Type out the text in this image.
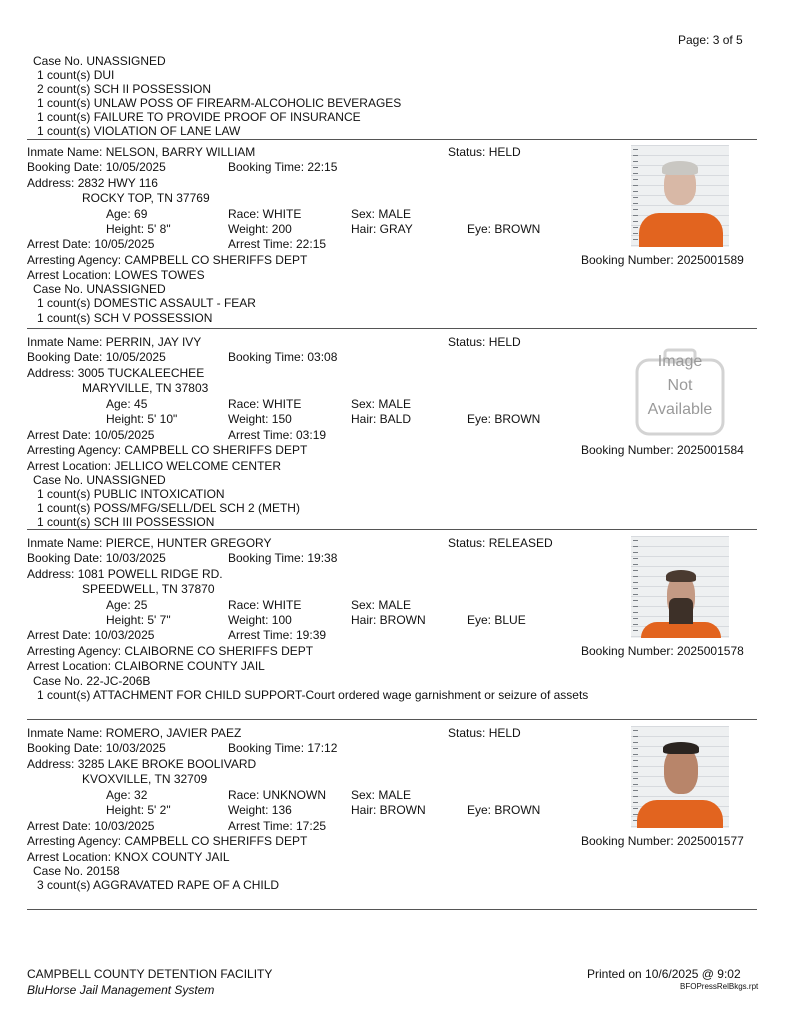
Page: 3 of 5
Case No. UNASSIGNED
1 count(s) DUI
2 count(s) SCH II POSSESSION
1 count(s) UNLAW POSS OF FIREARM-ALCOHOLIC BEVERAGES
1 count(s) FAILURE TO PROVIDE PROOF OF INSURANCE
1 count(s) VIOLATION OF LANE LAW
Inmate Name: NELSON, BARRY WILLIAM	Status: HELD
Booking Date: 10/05/2025	Booking Time: 22:15
Address: 2832 HWY 116
ROCKY TOP, TN 37769
Age: 69	Race: WHITE	Sex: MALE
Height: 5' 8"	Weight: 200	Hair: GRAY	Eye: BROWN
Arrest Date: 10/05/2025	Arrest Time: 22:15
Arresting Agency: CAMPBELL CO SHERIFFS DEPT	Booking Number: 2025001589
Arrest Location: LOWES TOWES
Case No. UNASSIGNED
1 count(s) DOMESTIC ASSAULT - FEAR
1 count(s) SCH V POSSESSION
Inmate Name: PERRIN, JAY IVY	Status: HELD
Booking Date: 10/05/2025	Booking Time: 03:08
Address: 3005 TUCKALEECHEE
MARYVILLE, TN 37803
Age: 45	Race: WHITE	Sex: MALE
Height: 5' 10"	Weight: 150	Hair: BALD	Eye: BROWN
Arrest Date: 10/05/2025	Arrest Time: 03:19
Arresting Agency: CAMPBELL CO SHERIFFS DEPT	Booking Number: 2025001584
Arrest Location: JELLICO WELCOME CENTER
Case No. UNASSIGNED
1 count(s) PUBLIC INTOXICATION
1 count(s) POSS/MFG/SELL/DEL SCH 2 (METH)
1 count(s) SCH III POSSESSION
Image
Not
Available
Inmate Name: PIERCE, HUNTER GREGORY	Status: RELEASED
Booking Date: 10/03/2025	Booking Time: 19:38
Address: 1081 POWELL RIDGE RD.
SPEEDWELL, TN 37870
Age: 25	Race: WHITE	Sex: MALE
Height: 5' 7"	Weight: 100	Hair: BROWN	Eye: BLUE
Arrest Date: 10/03/2025	Arrest Time: 19:39
Arresting Agency: CLAIBORNE CO SHERIFFS DEPT	Booking Number: 2025001578
Arrest Location: CLAIBORNE COUNTY JAIL
Case No. 22-JC-206B
1 count(s) ATTACHMENT FOR CHILD SUPPORT-Court ordered wage garnishment or seizure of assets
Inmate Name: ROMERO, JAVIER PAEZ	Status: HELD
Booking Date: 10/03/2025	Booking Time: 17:12
Address: 3285 LAKE BROKE BOOLIVARD
KVOXVILLE, TN 32709
Age: 32	Race: UNKNOWN Sex: MALE
Height: 5' 2"	Weight: 136	Hair: BROWN	Eye: BROWN
Arrest Date: 10/03/2025	Arrest Time: 17:25
Arresting Agency: CAMPBELL CO SHERIFFS DEPT	Booking Number: 2025001577
Arrest Location: KNOX COUNTY JAIL
Case No. 20158
3 count(s) AGGRAVATED RAPE OF A CHILD
CAMPBELL COUNTY DETENTION FACILITY
BluHorse Jail Management System
Printed on 10/6/2025 @ 9:02
BFOPressRelBkgs.rpt
